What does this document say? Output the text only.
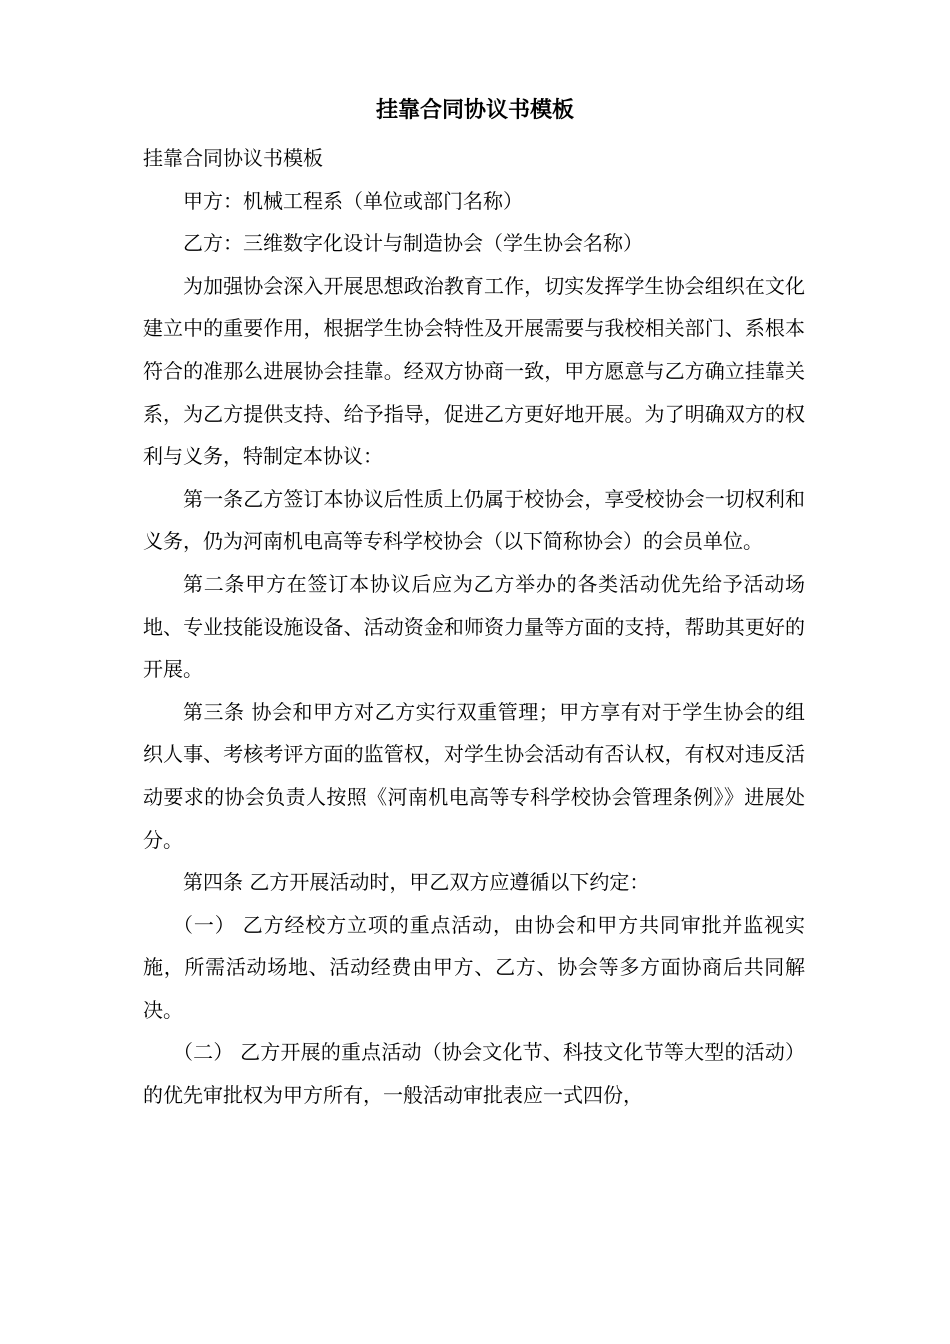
挂靠合同协议书模板

挂靠合同协议书模板

甲方：机械工程系（单位或部门名称）

乙方：三维数字化设计与制造协会（学生协会名称）

为加强协会深入开展思想政治教育工作，切实发挥学生协会组织在文化建立中的重要作用，根据学生协会特性及开展需要与我校相关部门、系根本符合的准那么进展协会挂靠。经双方协商一致，甲方愿意与乙方确立挂靠关系，为乙方提供支持、给予指导，促进乙方更好地开展。为了明确双方的权利与义务，特制定本协议：

第一条乙方签订本协议后性质上仍属于校协会，享受校协会一切权利和义务，仍为河南机电高等专科学校协会（以下简称协会）的会员单位。

第二条甲方在签订本协议后应为乙方举办的各类活动优先给予活动场地、专业技能设施设备、活动资金和师资力量等方面的支持，帮助其更好的开展。

第三条 协会和甲方对乙方实行双重管理；甲方享有对于学生协会的组织人事、考核考评方面的监管权，对学生协会活动有否认权，有权对违反活动要求的协会负责人按照《河南机电高等专科学校协会管理条例》》进展处分。

第四条 乙方开展活动时，甲乙双方应遵循以下约定：

（一） 乙方经校方立项的重点活动，由协会和甲方共同审批并监视实施，所需活动场地、活动经费由甲方、乙方、协会等多方面协商后共同解决。

（二） 乙方开展的重点活动（协会文化节、科技文化节等大型的活动）的优先审批权为甲方所有，一般活动审批表应一式四份，
